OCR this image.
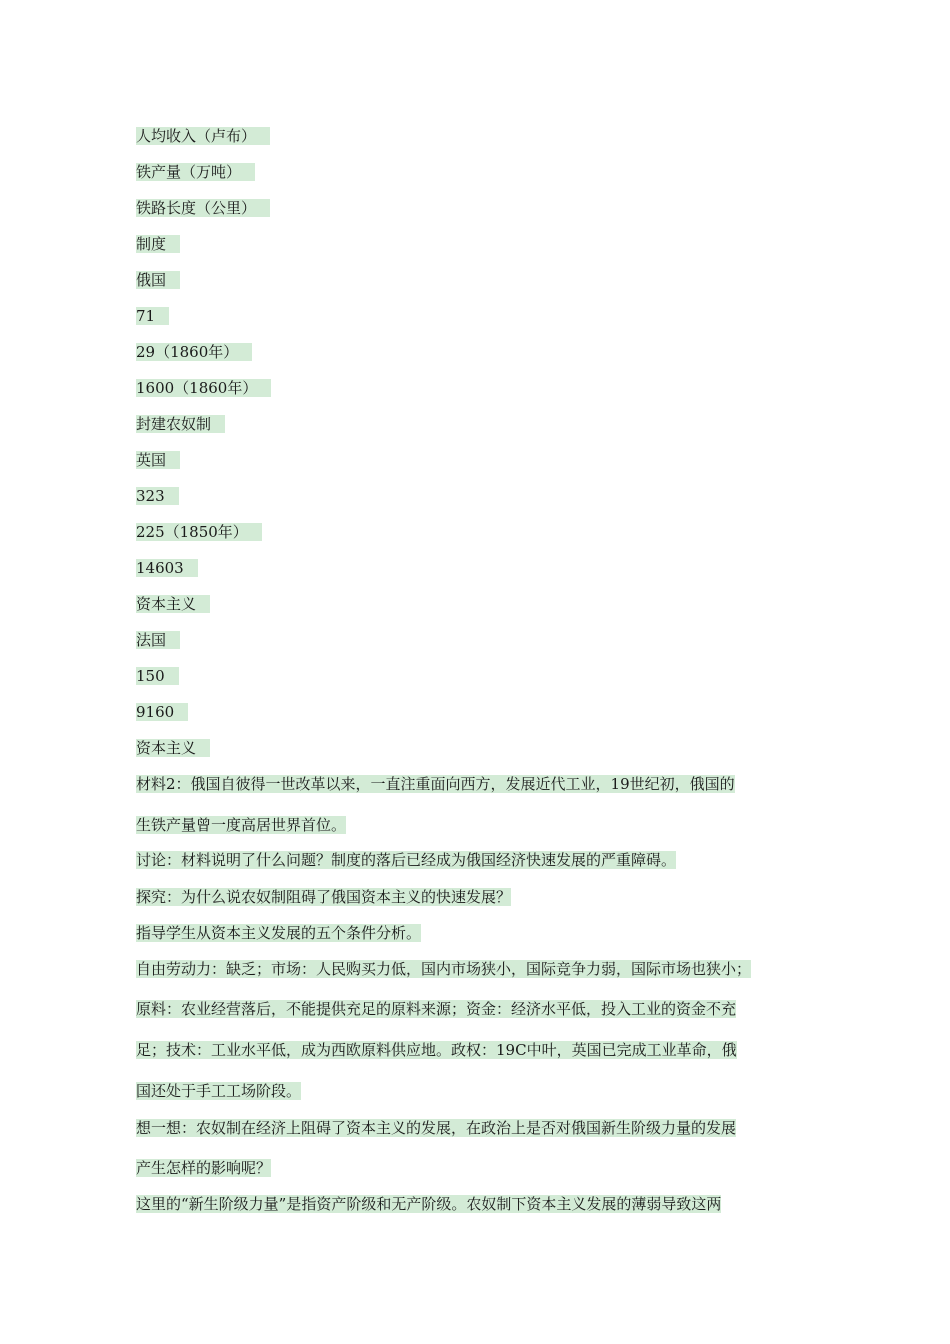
人均收入（卢布）
铁产量（万吨）
铁路长度（公里）
制度
俄国
71
29（1860年）
1600（1860年）
封建农奴制
英国
323
225（1850年）
14603
资本主义
法国
150
9160
资本主义
材料2：俄国自彼得一世改革以来，一直注重面向西方，发展近代工业，19世纪初，俄国的
生铁产量曾一度高居世界首位。
讨论：材料说明了什么问题？制度的落后已经成为俄国经济快速发展的严重障碍。
探究：为什么说农奴制阻碍了俄国资本主义的快速发展？
指导学生从资本主义发展的五个条件分析。
自由劳动力：缺乏；市场：人民购买力低，国内市场狭小，国际竞争力弱，国际市场也狭小；
原料：农业经营落后，不能提供充足的原料来源；资金：经济水平低，投入工业的资金不充
足；技术：工业水平低，成为西欧原料供应地。政权：19C中叶，英国已完成工业革命，俄
国还处于手工工场阶段。
想一想：农奴制在经济上阻碍了资本主义的发展，在政治上是否对俄国新生阶级力量的发展
产生怎样的影响呢？
这里的“新生阶级力量”是指资产阶级和无产阶级。农奴制下资本主义发展的薄弱导致这两
